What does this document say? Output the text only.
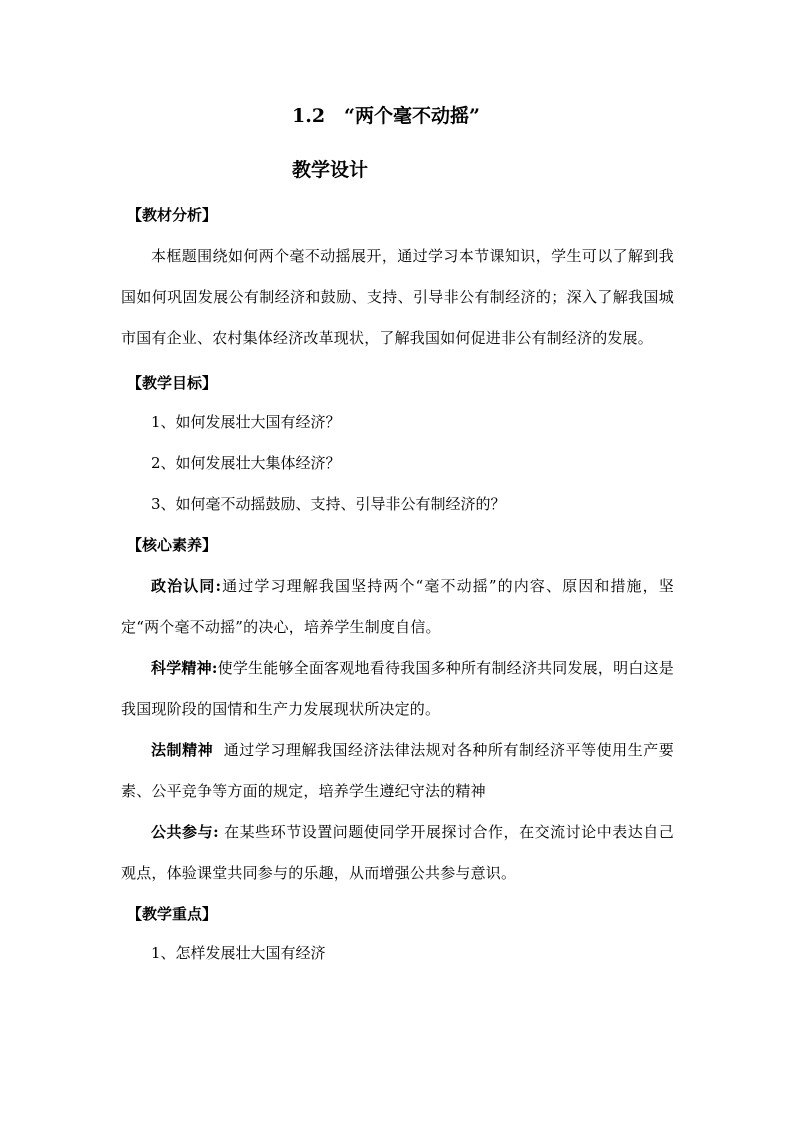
1.2　“两个毫不动摇”
教学设计
【教材分析】

本框题围绕如何两个毫不动摇展开，通过学习本节课知识，学生可以了解到我国如何巩固发展公有制经济和鼓励、支持、引导非公有制经济的；深入了解我国城市国有企业、农村集体经济改革现状，了解我国如何促进非公有制经济的发展。

【教学目标】
1、如何发展壮大国有经济？
2、如何发展壮大集体经济？
3、如何毫不动摇鼓励、支持、引导非公有制经济的？
【核心素养】

政治认同:通过学习理解我国坚持两个“毫不动摇”的内容、原因和措施，坚定“两个毫不动摇”的决心，培养学生制度自信。

科学精神:使学生能够全面客观地看待我国多种所有制经济共同发展，明白这是我国现阶段的国情和生产力发展现状所决定的。

法制精神  通过学习理解我国经济法律法规对各种所有制经济平等使用生产要素、公平竞争等方面的规定，培养学生遵纪守法的精神

公共参与: 在某些环节设置问题使同学开展探讨合作，在交流讨论中表达自己观点，体验课堂共同参与的乐趣，从而增强公共参与意识。

【教学重点】
1、怎样发展壮大国有经济
